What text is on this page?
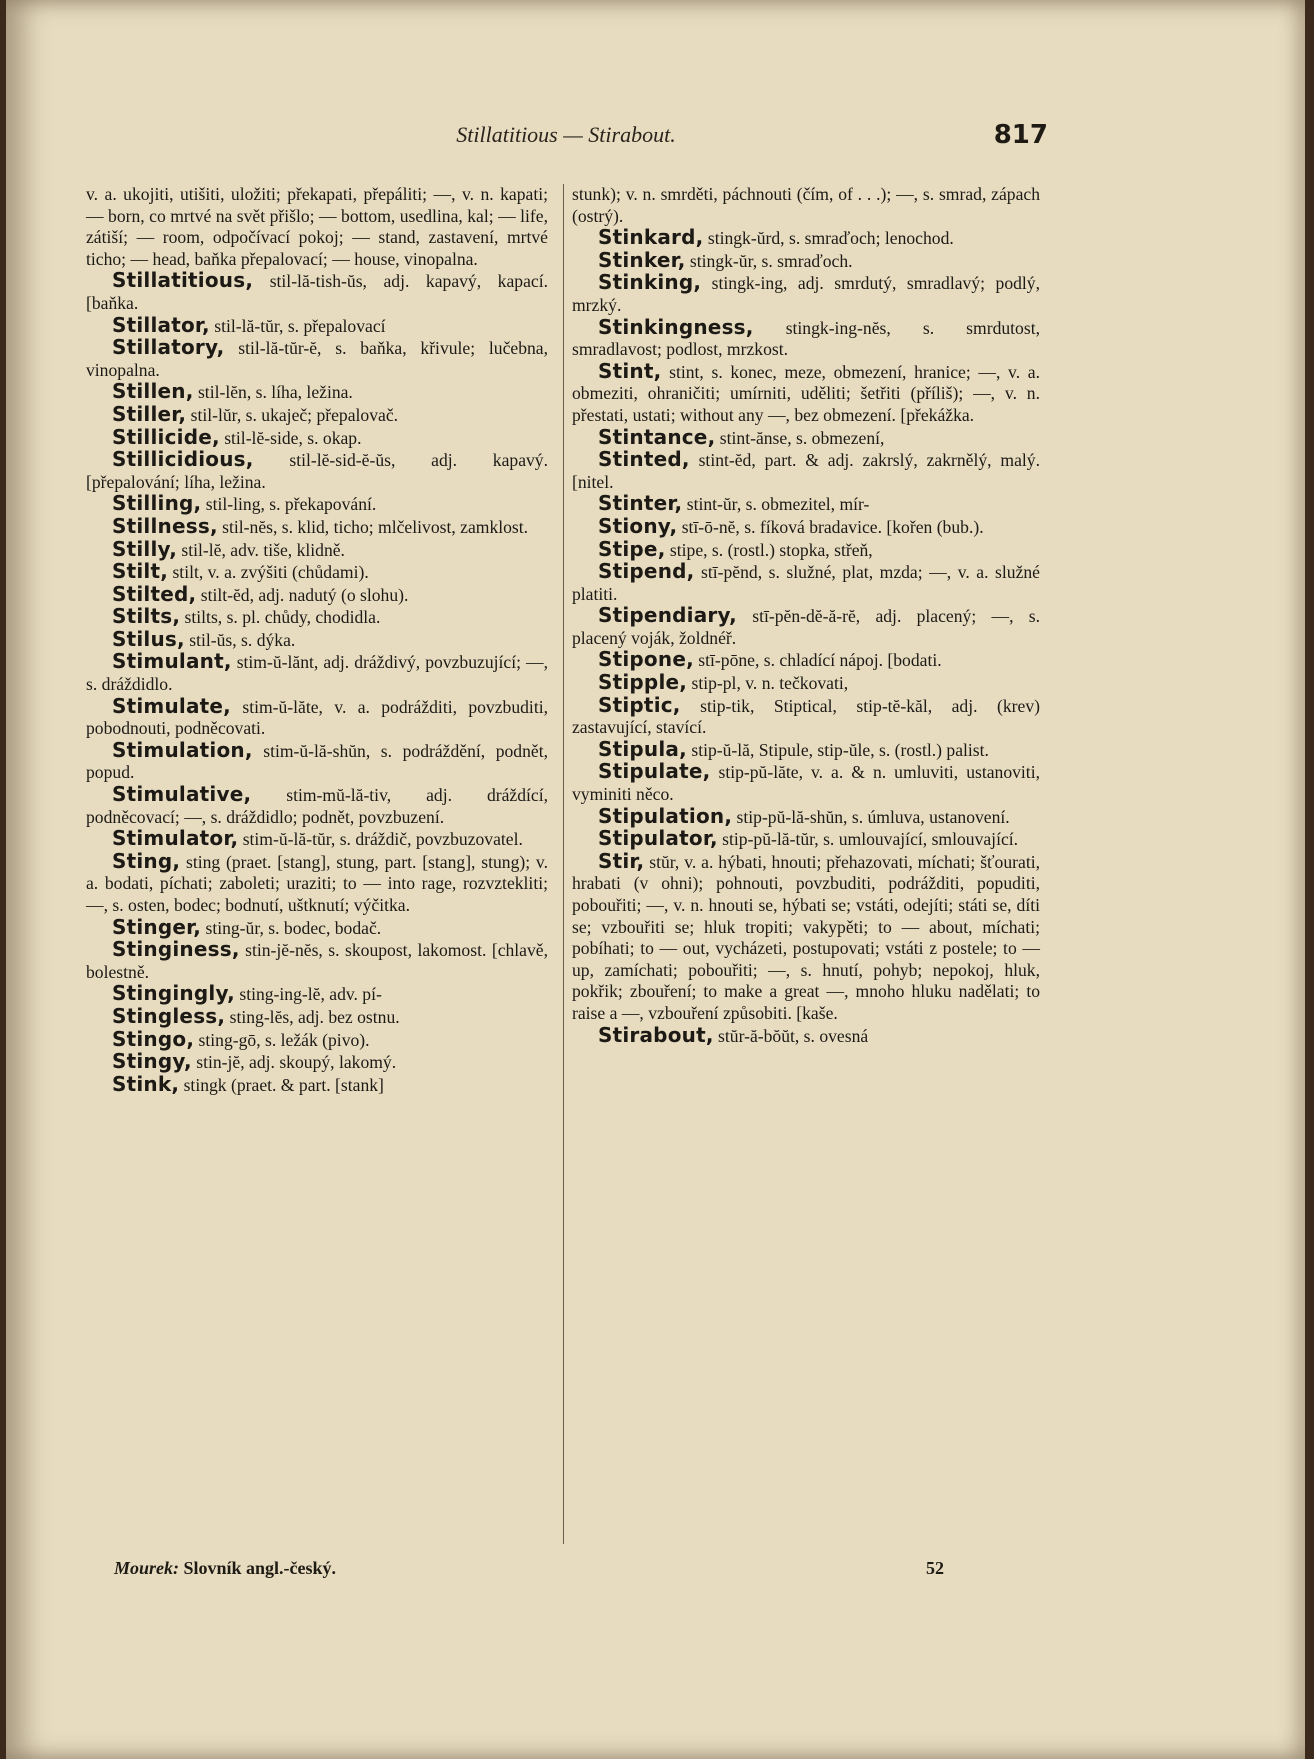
Stillatitious — Stirabout.	817

v. a. ukojiti, utišiti, uložiti; překapati, přepáliti; —, v. n. kapati; — born, co mrtvé na svět přišlo; — bottom, usedlina, kal; — life, zátiší; — room, odpočívací pokoj; — stand, zastavení, mrtvé ticho; — head, baňka přepalovací; — house, vinopalna.

Stillatitious, stil-lă-tish-ŭs, adj. kapavý, kapací. [baňka.

Stillator, stil-lă-tŭr, s. přepalovací

Stillatory, stil-lă-tŭr-ĕ, s. baňka, křivule; lučebna, vinopalna.

Stillen, stil-lĕn, s. líha, ležina.

Stiller, stil-lŭr, s. ukaječ; přepalovač.

Stillicide, stil-lĕ-side, s. okap.

Stillicidious, stil-lĕ-sid-ĕ-ŭs, adj. kapavý. [přepalování; líha, ležina.

Stilling, stil-ling, s. překapování.

Stillness, stil-nĕs, s. klid, ticho; mlčelivost, zamklost.

Stilly, stil-lĕ, adv. tiše, klidně.

Stilt, stilt, v. a. zvýšiti (chůdami).

Stilted, stilt-ĕd, adj. nadutý (o slohu).

Stilts, stilts, s. pl. chůdy, chodidla.

Stilus, stil-ŭs, s. dýka.

Stimulant, stim-ŭ-lănt, adj. dráždivý, povzbuzující; —, s. dráždidlo.

Stimulate, stim-ŭ-lăte, v. a. podrážditi, povzbuditi, pobodnouti, podněcovati.

Stimulation, stim-ŭ-lă-shŭn, s. podráždění, podnět, popud.

Stimulative, stim-mŭ-lă-tiv, adj. dráždící, podněcovací; —, s. dráždidlo; podnět, povzbuzení.

Stimulator, stim-ŭ-lă-tŭr, s. dráždič, povzbuzovatel.

Sting, sting (praet. [stang], stung, part. [stang], stung); v. a. bodati, píchati; zaboleti; uraziti; to — into rage, rozvztekliti; —, s. osten, bodec; bodnutí, uštknutí; výčitka.

Stinger, sting-ŭr, s. bodec, bodač.

Stinginess, stin-jĕ-nĕs, s. skoupost, lakomost. [chlavě, bolestně.

Stingingly, sting-ing-lĕ, adv. pí-

Stingless, sting-lĕs, adj. bez ostnu.

Stingo, sting-gō, s. ležák (pivo).

Stingy, stin-jĕ, adj. skoupý, lakomý.

Stink, stingk (praet. & part. [stank]

stunk); v. n. smrděti, páchnouti (čím, of . . .); —, s. smrad, zápach (ostrý).

Stinkard, stingk-ŭrd, s. smraďoch; lenochod.

Stinker, stingk-ŭr, s. smraďoch.

Stinking, stingk-ing, adj. smrdutý, smradlavý; podlý, mrzký.

Stinkingness, stingk-ing-nĕs, s. smrdutost, smradlavost; podlost, mrzkost.

Stint, stint, s. konec, meze, obmezení, hranice; —, v. a. obmeziti, ohraničiti; umírniti, uděliti; šetřiti (příliš); —, v. n. přestati, ustati; without any —, bez obmezení. [překážka.

Stintance, stint-ănse, s. obmezení,

Stinted, stint-ĕd, part. & adj. zakrslý, zakrnělý, malý. [nitel.

Stinter, stint-ŭr, s. obmezitel, mír-

Stiony, stī-ō-nĕ, s. fíková bradavice. [kořen (bub.).

Stipe, stipe, s. (rostl.) stopka, střeň,

Stipend, stī-pĕnd, s. služné, plat, mzda; —, v. a. služné platiti.

Stipendiary, stī-pĕn-dĕ-ă-rĕ, adj. placený; —, s. placený voják, žoldnéř.

Stipone, stī-pōne, s. chladící nápoj. [bodati.

Stipple, stip-pl, v. n. tečkovati,

Stiptic, stip-tik, Stiptical, stip-tĕ-kăl, adj. (krev) zastavující, stavící.

Stipula, stip-ŭ-lă, Stipule, stip-ŭle, s. (rostl.) palist.

Stipulate, stip-pŭ-lăte, v. a. & n. umluviti, ustanoviti, vyminiti něco.

Stipulation, stip-pŭ-lă-shŭn, s. úmluva, ustanovení.

Stipulator, stip-pŭ-lă-tŭr, s. umlouvající, smlouvající.

Stir, stŭr, v. a. hýbati, hnouti; přehazovati, míchati; šťourati, hrabati (v ohni); pohnouti, povzbuditi, podrážditi, popuditi, pobouřiti; —, v. n. hnouti se, hýbati se; vstáti, odejíti; státi se, díti se; vzbouřiti se; hluk tropiti; vakypěti; to — about, míchati; pobíhati; to — out, vycházeti, postupovati; vstáti z postele; to — up, zamíchati; pobouřiti; —, s. hnutí, pohyb; nepokoj, hluk, pokřik; zbouření; to make a great —, mnoho hluku nadělati; to raise a —, vzbouření způsobiti. [kaše.

Stirabout, stŭr-ă-bŏŭt, s. ovesná

Mourek: Slovník angl.-český.	52
